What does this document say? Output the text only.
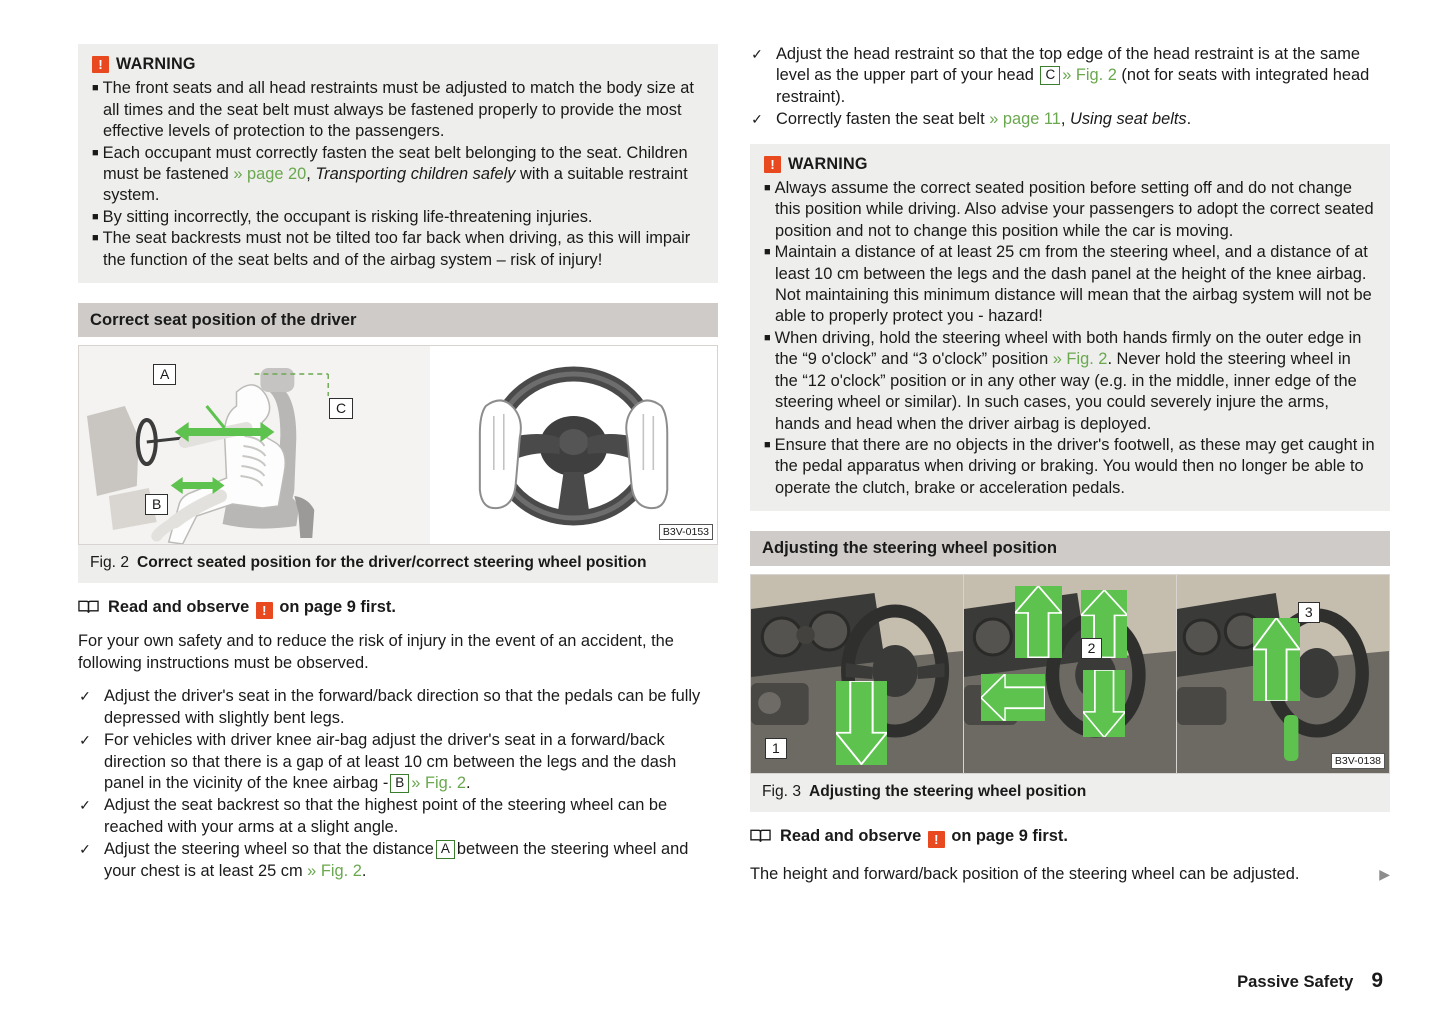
! WARNING

■ The front seats and all head restraints must be adjusted to match the body size at all times and the seat belt must always be fastened properly to provide the most effective levels of protection to the passengers.

■ Each occupant must correctly fasten the seat belt belonging to the seat. Children must be fastened » page 20, Transporting children safely with a suitable restraint system.

■ By sitting incorrectly, the occupant is risking life-threatening injuries.

■ The seat backrests must not be tilted too far back when driving, as this will impair the function of the seat belts and of the airbag system – risk of injury!

Correct seat position of the driver
A
C
B
B3V-0153
Fig. 2 Correct seated position for the driver/correct steering wheel position
Read and observe ! on page 9 first.

For your own safety and to reduce the risk of injury in the event of an accident, the following instructions must be observed.

✓ Adjust the driver's seat in the forward/back direction so that the pedals can be fully depressed with slightly bent legs.
✓ For vehicles with driver knee air-bag adjust the driver's seat in a forward/back direction so that there is a gap of at least 10 cm between the legs and the dash panel in the vicinity of the knee airbag - B » Fig. 2.
✓ Adjust the seat backrest so that the highest point of the steering wheel can be reached with your arms at a slight angle.
✓ Adjust the steering wheel so that the distance A between the steering wheel and your chest is at least 25 cm » Fig. 2.
✓ Adjust the head restraint so that the top edge of the head restraint is at the same level as the upper part of your head C » Fig. 2 (not for seats with integrated head restraint).
✓ Correctly fasten the seat belt » page 11, Using seat belts.
! WARNING

■ Always assume the correct seated position before setting off and do not change this position while driving. Also advise your passengers to adopt the correct seated position and not to change this position while the car is moving.

■ Maintain a distance of at least 25 cm from the steering wheel, and a distance of at least 10 cm between the legs and the dash panel at the height of the knee airbag. Not maintaining this minimum distance will mean that the airbag system will not be able to properly protect you - hazard!

■ When driving, hold the steering wheel with both hands firmly on the outer edge in the “9 o'clock” and “3 o'clock” position » Fig. 2. Never hold the steering wheel in the “12 o'clock” position or in any other way (e.g. in the middle, inner edge of the steering wheel or similar). In such cases, you could severely injure the arms, hands and head when the driver airbag is deployed.

■ Ensure that there are no objects in the driver's footwell, as these may get caught in the pedal apparatus when driving or braking. You would then no longer be able to operate the clutch, brake or acceleration pedals.

Adjusting the steering wheel position
1
2
3
B3V-0138
Fig. 3 Adjusting the steering wheel position
Read and observe ! on page 9 first.
The height and forward/back position of the steering wheel can be adjusted.	▶
Passive Safety 9
